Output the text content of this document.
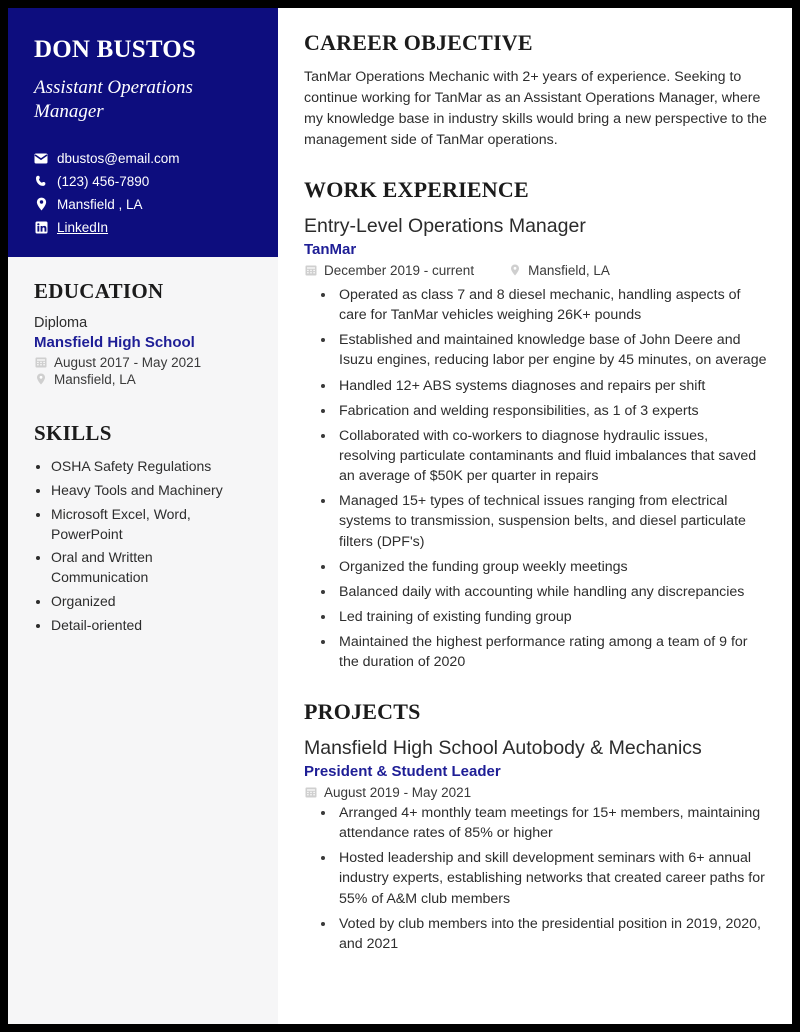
DON BUSTOS
Assistant Operations Manager
dbustos@email.com
(123) 456-7890
Mansfield , LA
LinkedIn
EDUCATION
Diploma
Mansfield High School
August 2017 - May 2021
Mansfield, LA
SKILLS
• OSHA Safety Regulations
• Heavy Tools and Machinery
• Microsoft Excel, Word, PowerPoint
• Oral and Written Communication
• Organized
• Detail-oriented
CAREER OBJECTIVE

TanMar Operations Mechanic with 2+ years of experience. Seeking to continue working for TanMar as an Assistant Operations Manager, where my knowledge base in industry skills would bring a new perspective to the management side of TanMar operations.

WORK EXPERIENCE
Entry-Level Operations Manager
TanMar
December 2019 - current	Mansfield, LA
• Operated as class 7 and 8 diesel mechanic, handling aspects of care for TanMar vehicles weighing 26K+ pounds
• Established and maintained knowledge base of John Deere and Isuzu engines, reducing labor per engine by 45 minutes, on average
• Handled 12+ ABS systems diagnoses and repairs per shift
• Fabrication and welding responsibilities, as 1 of 3 experts
• Collaborated with co-workers to diagnose hydraulic issues, resolving particulate contaminants and fluid imbalances that saved an average of $50K per quarter in repairs
• Managed 15+ types of technical issues ranging from electrical systems to transmission, suspension belts, and diesel particulate filters (DPF's)
• Organized the funding group weekly meetings
• Balanced daily with accounting while handling any discrepancies
• Led training of existing funding group
• Maintained the highest performance rating among a team of 9 for the duration of 2020
PROJECTS
Mansfield High School Autobody & Mechanics
President & Student Leader
August 2019 - May 2021
• Arranged 4+ monthly team meetings for 15+ members, maintaining attendance rates of 85% or higher
• Hosted leadership and skill development seminars with 6+ annual industry experts, establishing networks that created career paths for 55% of A&M club members
• Voted by club members into the presidential position in 2019, 2020, and 2021
